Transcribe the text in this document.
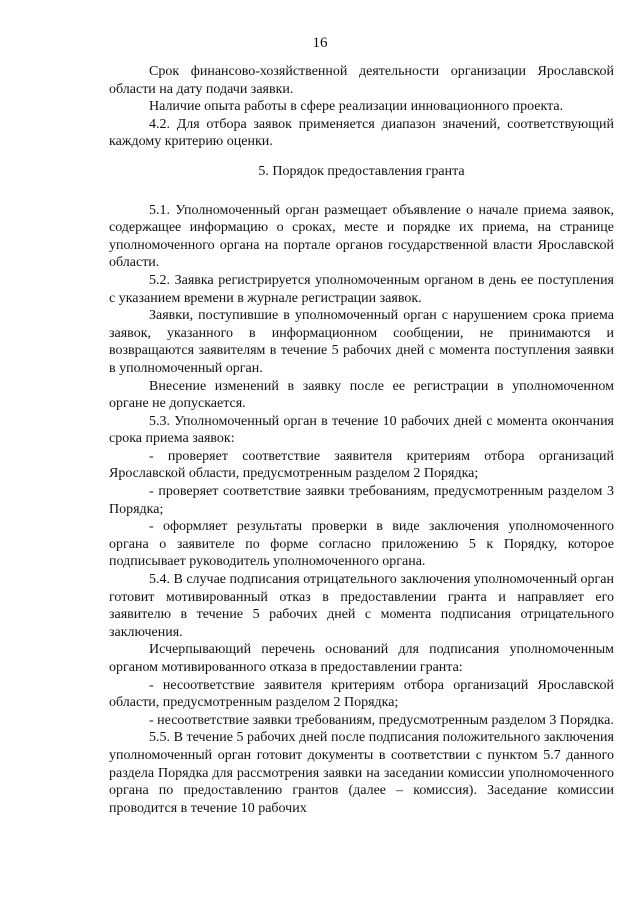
16

Срок финансово-хозяйственной деятельности организации Ярославской области на дату подачи заявки.

Наличие опыта работы в сфере реализации инновационного проекта.

4.2. Для отбора заявок применяется диапазон значений, соответствующий каждому критерию оценки.

5. Порядок предоставления гранта

5.1. Уполномоченный орган размещает объявление о начале приема заявок, содержащее информацию о сроках, месте и порядке их приема, на странице уполномоченного органа на портале органов государственной власти Ярославской области.

5.2. Заявка регистрируется уполномоченным органом в день ее поступления с указанием времени в журнале регистрации заявок.

Заявки, поступившие в уполномоченный орган с нарушением срока приема заявок, указанного в информационном сообщении, не принимаются и возвращаются заявителям в течение 5 рабочих дней с момента поступления заявки в уполномоченный орган.

Внесение изменений в заявку после ее регистрации в уполномоченном органе не допускается.

5.3. Уполномоченный орган в течение 10 рабочих дней с момента окончания срока приема заявок:

- проверяет соответствие заявителя критериям отбора организаций Ярославской области, предусмотренным разделом 2 Порядка;

- проверяет соответствие заявки требованиям, предусмотренным разделом 3 Порядка;

- оформляет результаты проверки в виде заключения уполномоченного органа о заявителе по форме согласно приложению 5 к Порядку, которое подписывает руководитель уполномоченного органа.

5.4. В случае подписания отрицательного заключения уполномоченный орган готовит мотивированный отказ в предоставлении гранта и направляет его заявителю в течение 5 рабочих дней с момента подписания отрицательного заключения.

Исчерпывающий перечень оснований для подписания уполномоченным органом мотивированного отказа в предоставлении гранта:

- несоответствие заявителя критериям отбора организаций Ярославской области, предусмотренным разделом 2 Порядка;

- несоответствие заявки требованиям, предусмотренным разделом 3 Порядка.

5.5. В течение 5 рабочих дней после подписания положительного заключения уполномоченный орган готовит документы в соответствии с пунктом 5.7 данного раздела Порядка для рассмотрения заявки на заседании комиссии уполномоченного органа по предоставлению грантов (далее – комиссия). Заседание комиссии проводится в течение 10 рабочих
